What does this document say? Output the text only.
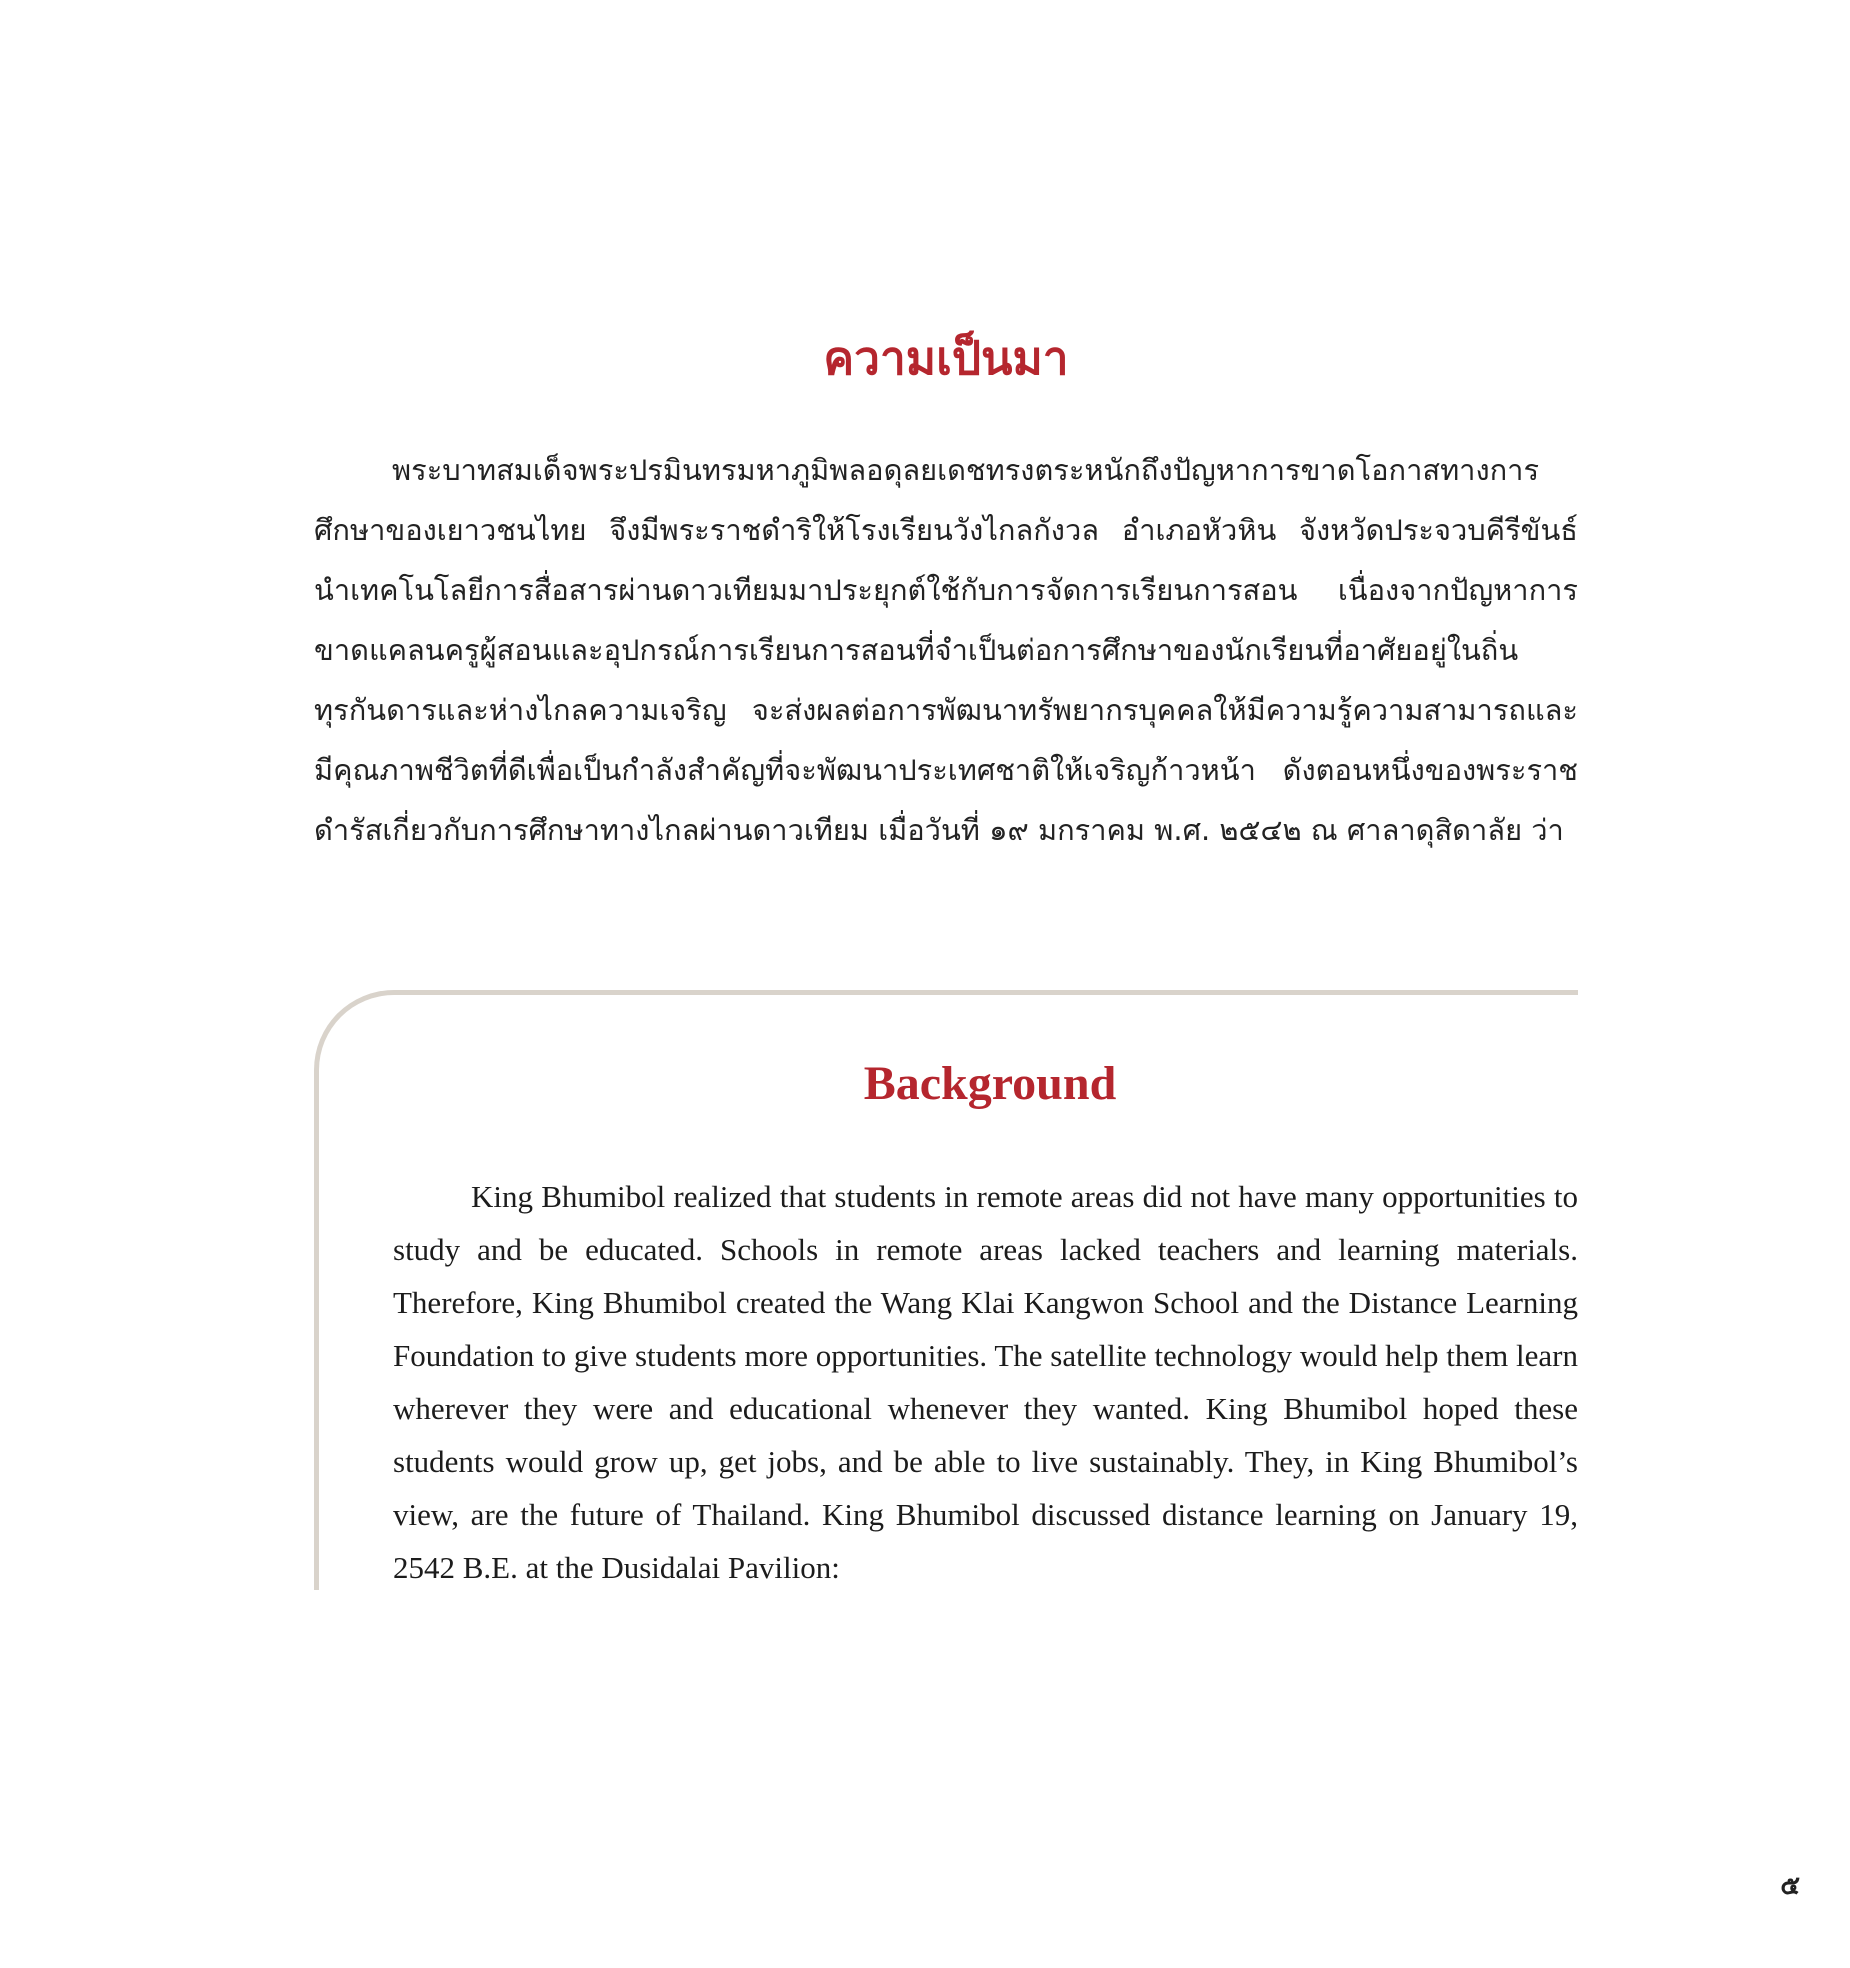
ความเป็นมา

พระบาทสมเด็จพระปรมินทรมหาภูมิพลอดุลยเดชทรงตระหนักถึงปัญหาการขาดโอกาสทางการศึกษาของเยาวชนไทย จึงมีพระราชดำริให้โรงเรียนวังไกลกังวล อำเภอหัวหิน จังหวัดประจวบคีรีขันธ์ นำเทคโนโลยีการสื่อสารผ่านดาวเทียมมาประยุกต์ใช้กับการจัดการเรียนการสอน เนื่องจากปัญหาการขาดแคลนครูผู้สอนและอุปกรณ์การเรียนการสอนที่จำเป็นต่อการศึกษาของนักเรียนที่อาศัยอยู่ในถิ่นทุรกันดารและห่างไกลความเจริญ จะส่งผลต่อการพัฒนาทรัพยากรบุคคลให้มีความรู้ความสามารถและมีคุณภาพชีวิตที่ดีเพื่อเป็นกำลังสำคัญที่จะพัฒนาประเทศชาติให้เจริญก้าวหน้า ดังตอนหนึ่งของพระราชดำรัสเกี่ยวกับการศึกษาทางไกลผ่านดาวเทียม เมื่อวันที่ ๑๙ มกราคม พ.ศ. ๒๕๔๒ ณ ศาลาดุสิดาลัย ว่า

Background

King Bhumibol realized that students in remote areas did not have many opportunities to study and be educated. Schools in remote areas lacked teachers and learning materials. Therefore, King Bhumibol created the Wang Klai Kangwon School and the Distance Learning Foundation to give students more opportunities. The satellite technology would help them learn wherever they were and educational whenever they wanted. King Bhumibol hoped these students would grow up, get jobs, and be able to live sustainably. They, in King Bhumibol’s view, are the future of Thailand. King Bhumibol discussed distance learning on January 19, 2542 B.E. at the Dusidalai Pavilion:

๕
